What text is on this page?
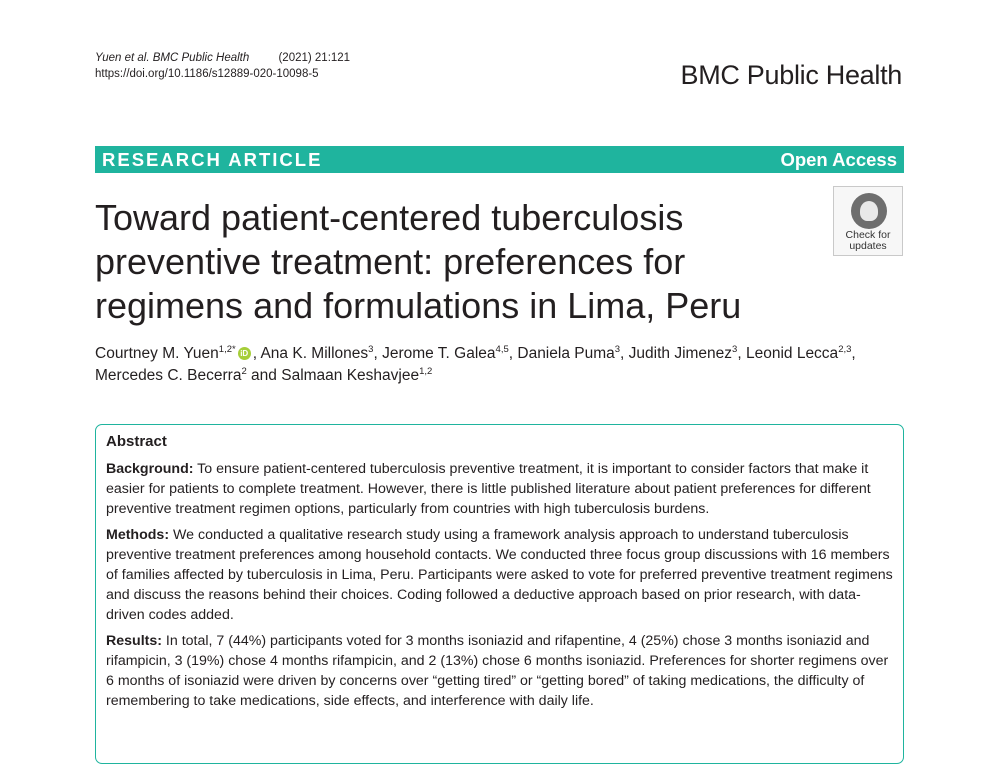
Yuen et al. BMC Public Health	(2021) 21:121
https://doi.org/10.1186/s12889-020-10098-5	BMC Public Health
RESEARCH ARTICLE	Open Access
Toward patient-centered tuberculosis preventive treatment: preferences for regimens and formulations in Lima, Peru
Check for
updates
Courtney M. Yuen$^{1,2*}$ iD , Ana K. Millones$^3$, Jerome T. Galea$^{4,5}$, Daniela Puma$^3$, Judith Jimenez$^3$, Leonid Lecca$^{2,3}$,
Mercedes C. Becerra$^2$ and Salmaan Keshavjee$^{1,2}$
Abstract

Background: To ensure patient-centered tuberculosis preventive treatment, it is important to consider factors that make it easier for patients to complete treatment. However, there is little published literature about patient preferences for different preventive treatment regimen options, particularly from countries with high tuberculosis burdens.

Methods: We conducted a qualitative research study using a framework analysis approach to understand tuberculosis preventive treatment preferences among household contacts. We conducted three focus group discussions with 16 members of families affected by tuberculosis in Lima, Peru. Participants were asked to vote for preferred preventive treatment regimens and discuss the reasons behind their choices. Coding followed a deductive approach based on prior research, with data-driven codes added.

Results: In total, 7 (44%) participants voted for 3 months isoniazid and rifapentine, 4 (25%) chose 3 months isoniazid and rifampicin, 3 (19%) chose 4 months rifampicin, and 2 (13%) chose 6 months isoniazid. Preferences for shorter regimens over 6 months of isoniazid were driven by concerns over “getting tired” or “getting bored” of taking medications, the difficulty of remembering to take medications, side effects, and interference with daily life.
